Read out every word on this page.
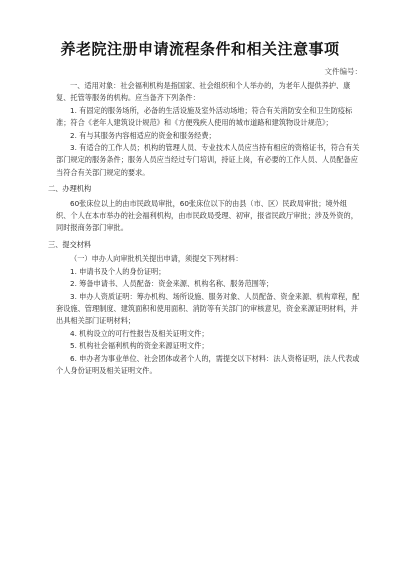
养老院注册申请流程条件和相关注意事项
文件编号：

一、适用对象：社会福利机构是指国家、社会组织和个人举办的，为老年人提供养护、康复、托管等服务的机构。应当备齐下列条件：

1. 有固定的服务场所，必备的生活设施及室外活动场地；符合有关消防安全和卫生防疫标准；符合《老年人建筑设计规范》和《方便残疾人使用的城市道路和建筑物设计规范》；

2. 有与其服务内容相适应的资金和服务经费；

3. 有适合的工作人员；机构的管理人员、专业技术人员应当持有相应的资格证书，符合有关部门规定的服务条件；服务人员应当经过专门培训，持证上岗，有必要的工作人员、人员配备应当符合有关部门规定的要求。

二、办理机构

60张床位以上的由市民政局审批，60张床位以下的由县（市、区）民政局审批；境外组织、个人在本市举办的社会福利机构，由市民政局受理、初审，报省民政厅审批；涉及外资的，同时报商务部门审批。

三、提交材料

（一）申办人向审批机关提出申请，须提交下列材料：

1. 申请书及个人的身份证明；

2. 筹备申请书、人员配备：资金来源、机构名称、服务范围等；

3. 申办人资质证明：筹办机构、场所设施、服务对象、人员配备、资金来源、机构章程，配套设施、管理制度、建筑面积和使用面积、消防等有关部门的审核意见，资金来源证明材料，并出具相关部门证明材料；

4. 机构设立的可行性报告及相关证明文件；

5. 机构社会福利机构的资金来源证明文件；

6. 申办者为事业单位、社会团体或者个人的，需提交以下材料：法人资格证明，法人代表或个人身份证明及相关证明文件。
